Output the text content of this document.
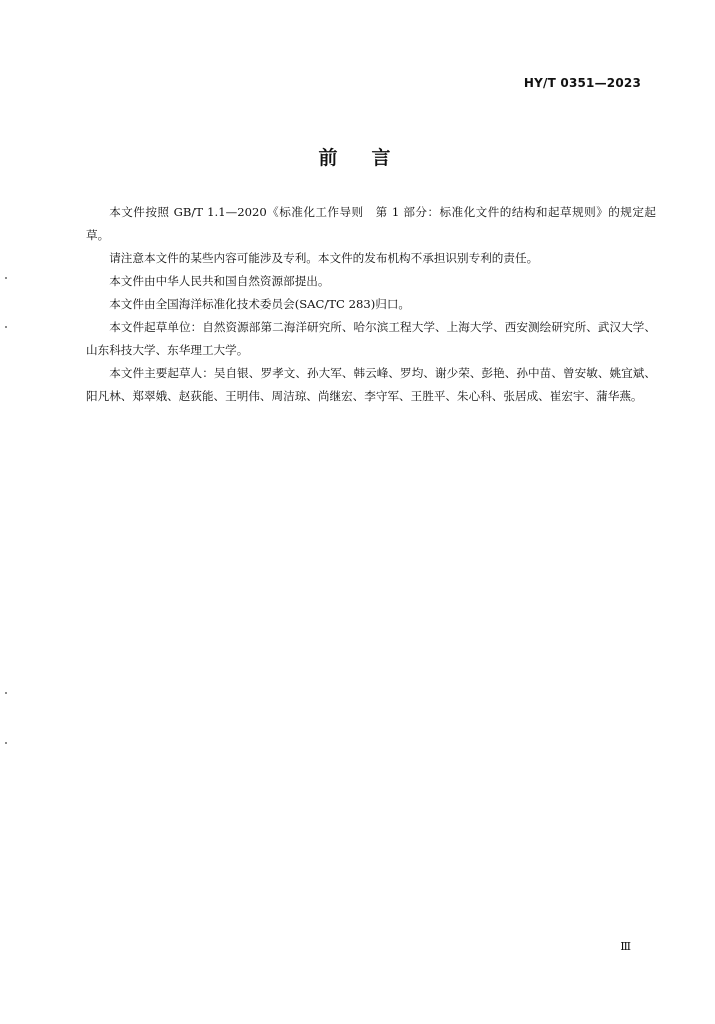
HY/T 0351—2023
前言

本文件按照 GB/T 1.1—2020《标准化工作导则　第 1 部分：标准化文件的结构和起草规则》的规定起草。

请注意本文件的某些内容可能涉及专利。本文件的发布机构不承担识别专利的责任。

本文件由中华人民共和国自然资源部提出。

本文件由全国海洋标准化技术委员会(SAC/TC 283)归口。

本文件起草单位：自然资源部第二海洋研究所、哈尔滨工程大学、上海大学、西安测绘研究所、武汉大学、山东科技大学、东华理工大学。

本文件主要起草人：吴自银、罗孝文、孙大军、韩云峰、罗均、谢少荣、彭艳、孙中苗、曾安敏、姚宜斌、阳凡林、郑翠娥、赵荻能、王明伟、周洁琼、尚继宏、李守军、王胜平、朱心科、张居成、崔宏宇、蒲华燕。

Ⅲ
